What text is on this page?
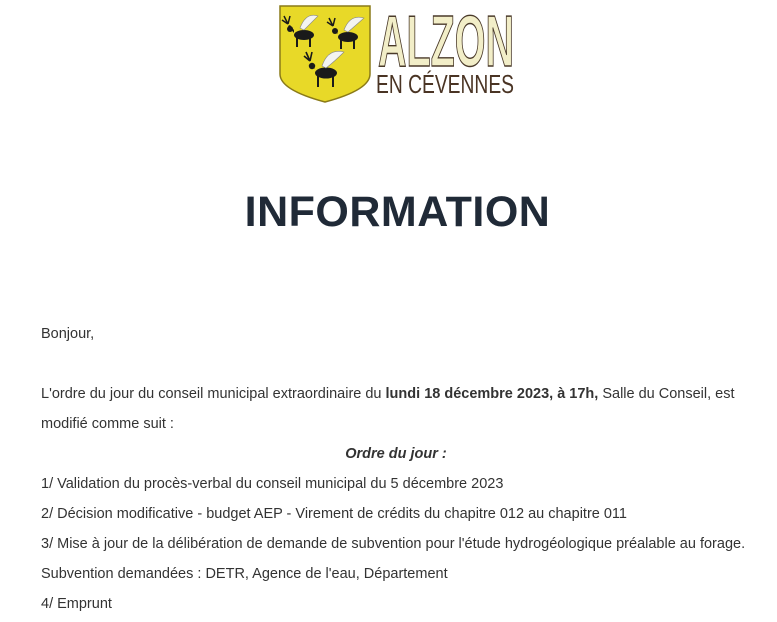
ALZON
EN CÉVENNES
INFORMATION
Bonjour,
L'ordre du jour du conseil municipal extraordinaire du lundi 18 décembre 2023, à 17h, Salle du Conseil, est
modifié comme suit :
Ordre du jour :
1/ Validation du procès-verbal du conseil municipal du 5 décembre 2023
2/ Décision modificative - budget AEP - Virement de crédits du chapitre 012 au chapitre 011
3/ Mise à jour de la délibération de demande de subvention pour l'étude hydrogéologique préalable au forage.
Subvention demandées : DETR, Agence de l'eau, Département
4/ Emprunt
